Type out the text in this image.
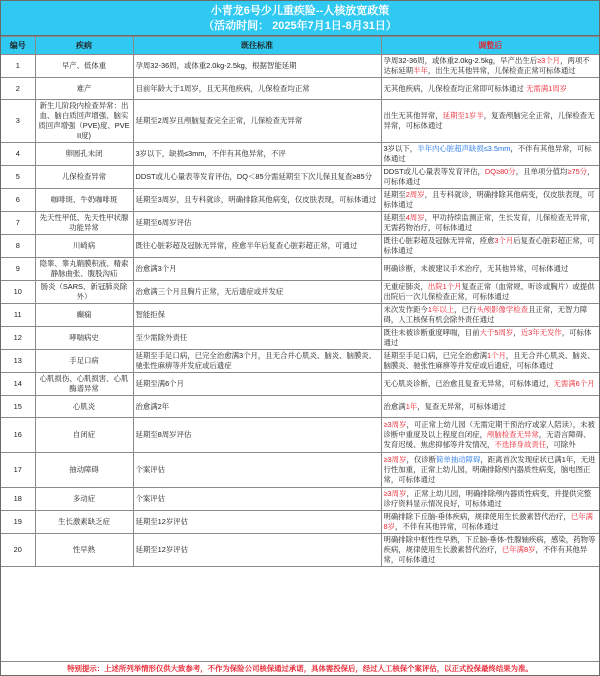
小青龙6号少儿重疾险--人核放宽政策
（活动时间： 2025年7月1日-8月31日）
编号	疾病	既往标准	调整后
1	早产、低体重	孕周32-36周，或体重2.0kg-2.5kg，根据智能延期	孕周32-36周，或体重2.0kg-2.5kg，早产出生后≥3个月，两项不达标延期半年，出生无其他异常，儿保检查正常可标体通过
2	难产	目前年龄大于1周岁，且无其他疾病，儿保检查均正常	无其他疾病，儿保检查均正常即可标体通过 无需满1周岁
3	新生儿阶段内检查异常：出血、脑白质回声增强、脑实质回声增强（PVE)度、PVEII度)	延期至2周岁且颅脑复查完全正常，儿保检查无异常	出生无其他异常，延期至1岁半，复查颅脑完全正常，儿保检查无异常，可标体通过
4	卵圆孔未闭	3岁以下，缺损≤3mm，不伴有其他异常，不评	3岁以下，半年内心脏超声缺损≤3.5mm，不伴有其他异常，可标体通过
5	儿保检查异常	DDST或儿心量表等发育评估，DQ＜85分需延期至下次儿保且复查≥85分	DDST或儿心量表等发育评估，DQ≥80分，且单项分值均≥75分，可标体通过
6	咖啡斑、牛奶咖啡斑	延期至3周岁，且专科就诊，明确排除其他病变，仅皮肤表现，可标体通过	延期至2周岁，且专科就诊，明确排除其他病变，仅皮肤表现，可标体通过
7	先天性甲低、先天性甲状腺功能异常	延期至6周岁评估	延期至4周岁，甲功持续监测正常，生长发育，儿保检查无异常，无需药物治疗，可标体通过
8	川崎病	既往心脏彩超及冠脉无异常，痊愈半年后复查心脏彩超正常，可通过	既往心脏彩超及冠脉无异常，痊愈3个月后复查心脏彩超正常，可标体通过
9	隐睾、睾丸鞘膜积液、精索静脉曲张、腹股沟疝	治愈满3个月	明确诊断，未被建议手术治疗，无其他异常，可标体通过
10	肠炎（SARS、新冠肺炎除外）	治愈满三个月且胸片正常，无后遗症或并发症	无重症肺炎，出院1个月复查正常（血常规、听诊或胸片）或提供出院后一次儿保检查正常，可标体通过
11	癫痫	智能拒保	未次发作距今1年以上，已行头颅影像学检查且正常，无智力障碍，人工核保有机会除外责任通过
12	哮喘病史	至少需除外责任	既往未被诊断重度哮喘，目前大于5周岁，近3年无发作，可标体通过
13	手足口病	延期至手足口病，已完全治愈满3个月，且无合并心肌炎、脑炎、脑膜炎、驰张性麻痹等并发症或后遗症	延期至手足口病，已完全治愈满1个月，且无合并心肌炎、脑炎、脑膜炎、驰张性麻痹等并发症或后遗症，可标体通过
14	心肌损伤、心肌损害、心肌酶谱异常	延期至满6个月	无心肌炎诊断，已治愈且复查无异常，可标体通过，无需满6个月
15	心肌炎	治愈满2年	治愈满1年，复查无异常，可标体通过
16	自闭症	延期至8周岁评估	≥3周岁，可正常上幼儿园（无需定期干预治疗或家人陪读），未被诊断中重度及以上程度自闭症，颅脑检查无异常，无语言障碍、发育迟缓、焦虑抑郁等并发情况，不选择身故责任，可除外
17	抽动障碍	个案评估	≥3周岁，仅诊断简单抽动障碍，距离首次发现症状已满1年，无进行性加重，正常上幼儿园，明确排除颅内器质性病变，脑电图正常，可标体通过
18	多动症	个案评估	≥3周岁，正常上幼儿园，明确排除颅内器质性病变，并提供完整诊疗资料显示情况良好，可标体通过
19	生长激素缺乏症	延期至12岁评估	明确排除下丘脑-垂体疾病，规律使用生长激素替代治疗，已年满8岁，不伴有其他异常，可标体通过
20	性早熟	延期至12岁评估	明确排除中枢性性早熟，下丘脑-垂体-性腺轴疾病，感染，药物等疾病，规律使用生长激素替代治疗，已年满8岁，不伴有其他异常，可标体通过
特别提示：上述所列举情形仅供大致参考，不作为保险公司核保通过承诺，具体需投保后，经过人工核保个案评估，以正式投保最终结果为准。
